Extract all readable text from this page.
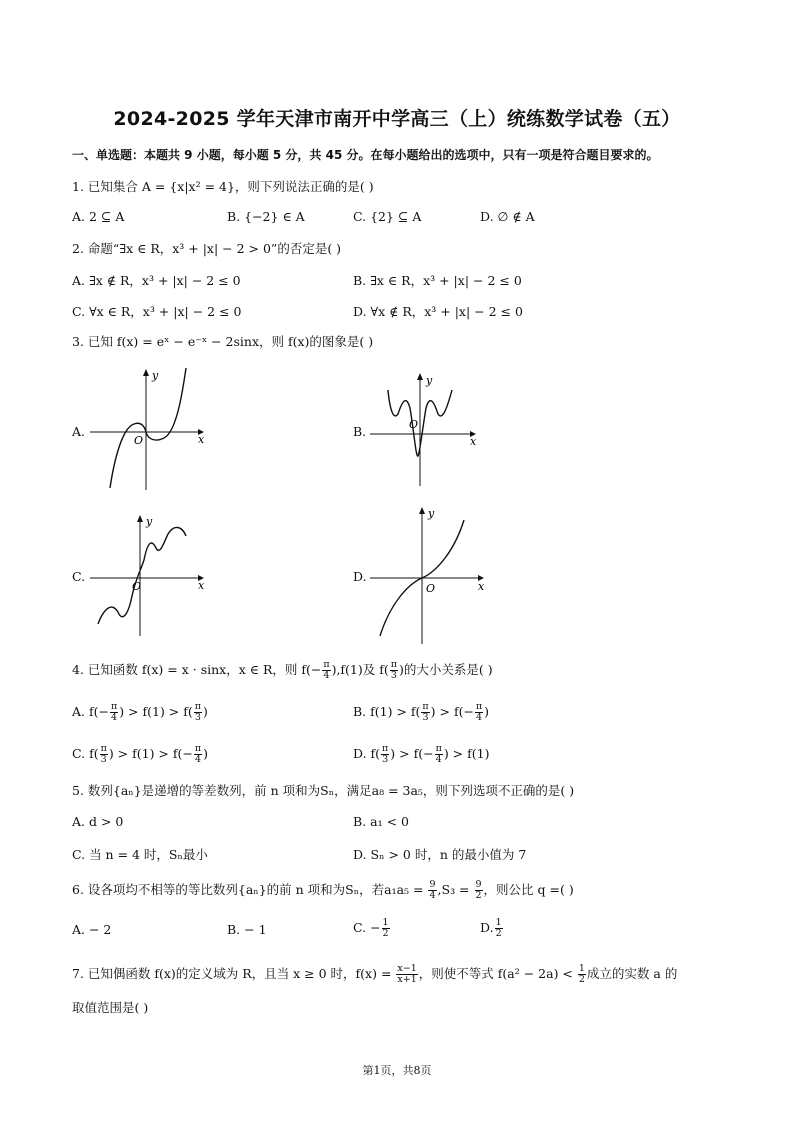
2024-2025 学年天津市南开中学高三（上）统练数学试卷（五）
一、单选题：本题共 9 小题，每小题 5 分，共 45 分。在每小题给出的选项中，只有一项是符合题目要求的。
1. 已知集合 A = {x|x² = 4}，则下列说法正确的是( )
A. 2 ⊆ A	B. {−2} ∈ A	C. {2} ⊆ A	D. ∅ ∉ A
2. 命题“∃x ∈ R，x³ + |x| − 2 > 0”的否定是( )
A. ∃x ∉ R，x³ + |x| − 2 ≤ 0	B. ∃x ∈ R，x³ + |x| − 2 ≤ 0
C. ∀x ∈ R，x³ + |x| − 2 ≤ 0	D. ∀x ∉ R，x³ + |x| − 2 ≤ 0
3. 已知 f(x) = eˣ − e⁻ˣ − 2sinx，则 f(x)的图象是( )
A.
y
x
O
B.
y
x
O
C.
y
x
O
D.
y
x
O
4. 已知函数 f(x) = x · sinx，x ∈ R，则 $f(- \frac{\pi}{4} ),f(1)$及 $f( \frac{\pi}{3}$ )的大小关系是( )
A. $f(- \frac{\pi}{4}$ ) > $f(1) > f( \frac{\pi}{3}$ )	B. $f(1) > f( \frac{\pi}{3}$ ) > $f(- \frac{\pi}{4}$ )
C. $f( \frac{\pi}{3}$ ) > $f(1) > f(- \frac{\pi}{4}$ )	D. $f( \frac{\pi}{3}$ ) > $f(- \frac{\pi}{4}$ ) > f(1)
5. 数列{aₙ}是递增的等差数列，前 n 项和为Sₙ，满足a₈ = 3a₅，则下列选项不正确的是( )
A. d > 0	B. a₁ < 0
C. 当 n = 4 时，Sₙ最小	D. Sₙ > 0 时，n 的最小值为 7
6. 设各项均不相等的等比数列{aₙ}的前 n 项和为Sₙ，若$a_1a_5 = \frac{9}{4} ,S_3 = \frac{9}{2}$ ，则公比 q =( )
A. − 2	B. − 1	C. − $\frac{1}{2}$	D. $\frac{1}{2}$
7. 已知偶函数 f(x)的定义域为 R，且当 x ≥ 0 时，$f(x) = \frac{x-1}{x+1}$ ，则使不等式 $f(a^2 - 2a) < \frac{1}{2}$ 成立的实数 a 的
取值范围是( )
第1页，共8页
